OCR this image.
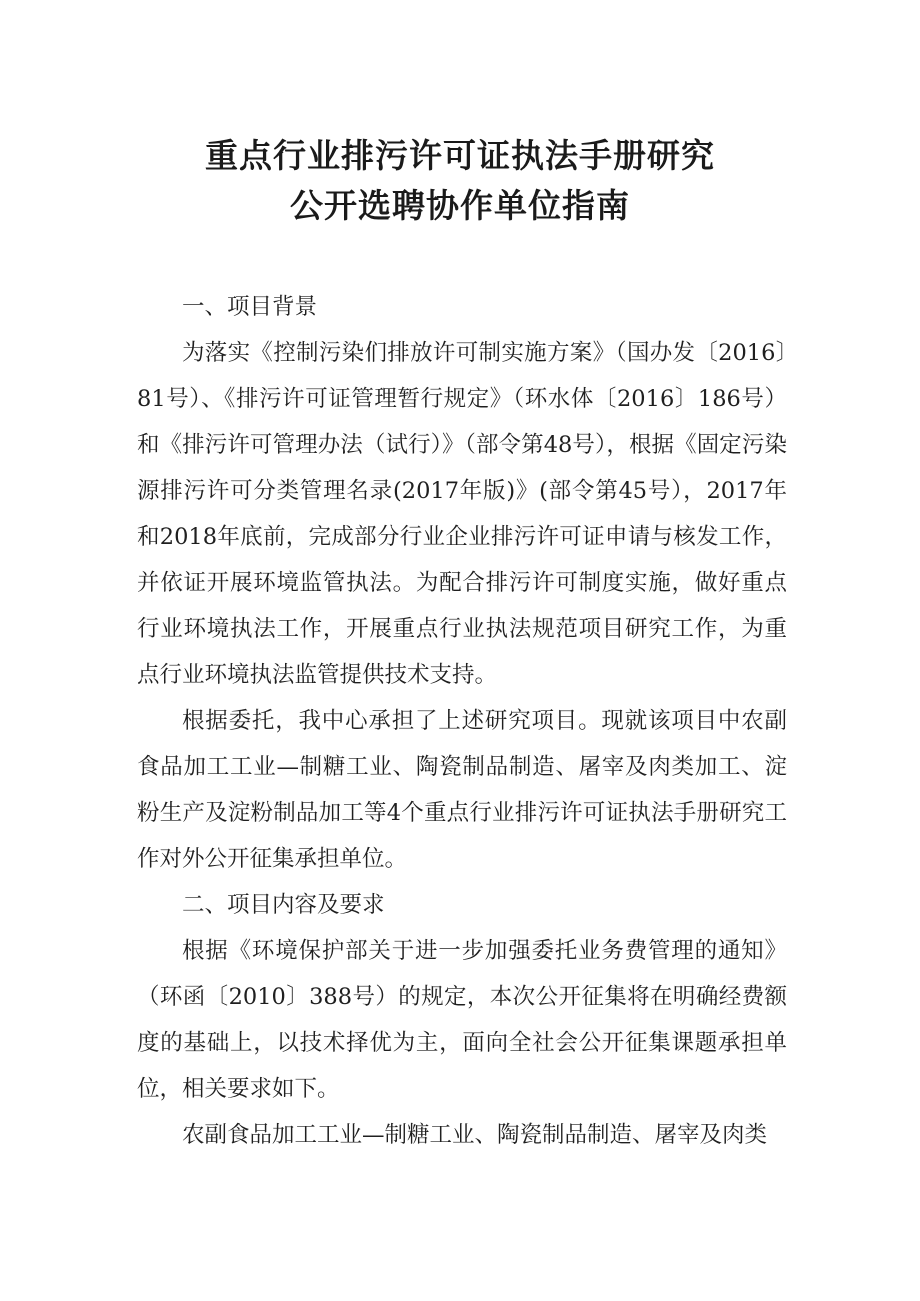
重点行业排污许可证执法手册研究
公开选聘协作单位指南

一、项目背景

为落实《控制污染们排放许可制实施方案》（国办发〔2016〕81号）、《排污许可证管理暂行规定》（环水体〔2016〕186号）和《排污许可管理办法（试行）》（部令第48号），根据《固定污染源排污许可分类管理名录(2017年版)》(部令第45号），2017年和2018年底前，完成部分行业企业排污许可证申请与核发工作，并依证开展环境监管执法。为配合排污许可制度实施，做好重点行业环境执法工作，开展重点行业执法规范项目研究工作，为重点行业环境执法监管提供技术支持。

根据委托，我中心承担了上述研究项目。现就该项目中农副食品加工工业—制糖工业、陶瓷制品制造、屠宰及肉类加工、淀粉生产及淀粉制品加工等4个重点行业排污许可证执法手册研究工作对外公开征集承担单位。

二、项目内容及要求

根据《环境保护部关于进一步加强委托业务费管理的通知》（环函〔2010〕388号）的规定，本次公开征集将在明确经费额度的基础上，以技术择优为主，面向全社会公开征集课题承担单位，相关要求如下。

农副食品加工工业—制糖工业、陶瓷制品制造、屠宰及肉类
